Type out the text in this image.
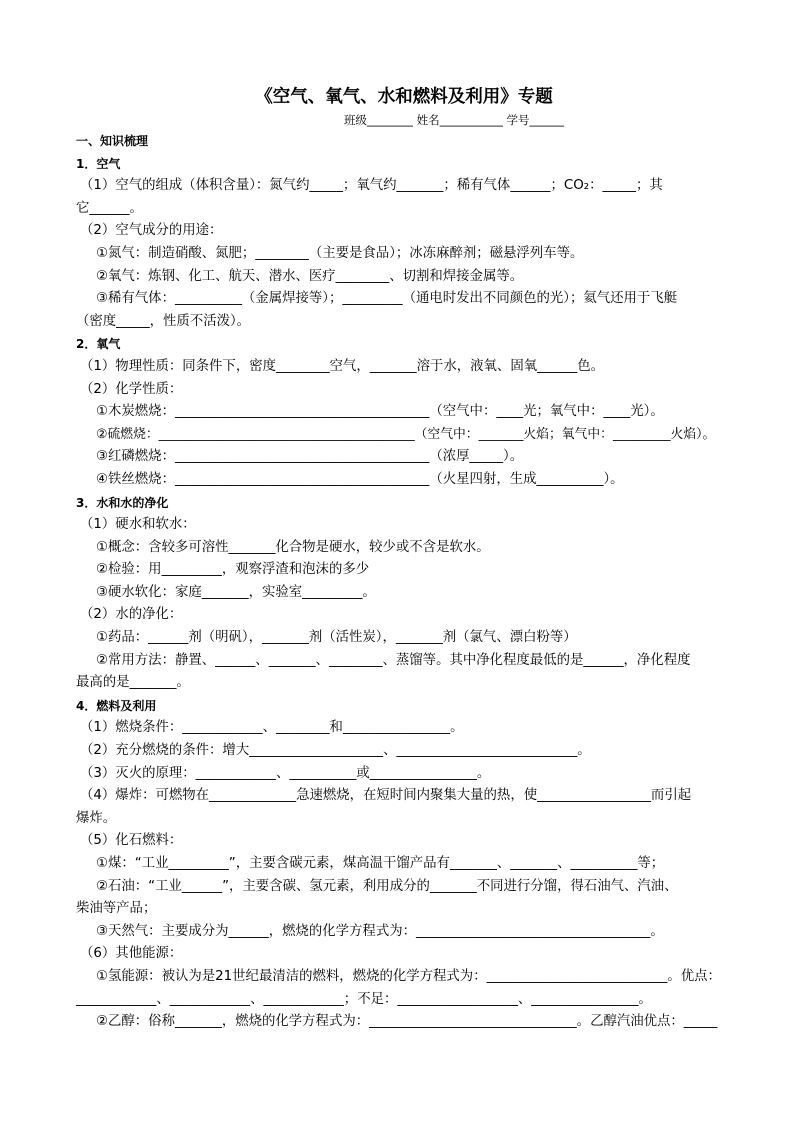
《空气、氧气、水和燃料及利用》专题
班级________ 姓名___________ 学号______
一、知识梳理
1．空气
（1）空气的组成（体积含量）：氮气约_____；氧气约_______；稀有气体______；CO₂：_____；其
它______。
（2）空气成分的用途：
①氮气：制造硝酸、氮肥；________（主要是食品）；冰冻麻醉剂；磁悬浮列车等。
②氧气：炼钢、化工、航天、潜水、医疗________、切割和焊接金属等。
③稀有气体：__________（金属焊接等）；_________（通电时发出不同颜色的光）；氦气还用于飞艇
（密度_____，性质不活泼）。
2．氧气
（1）物理性质：同条件下，密度________空气，_______溶于水，液氧、固氧______色。
（2）化学性质：
①木炭燃烧：______________________________________（空气中：____光；氧气中：____光）。
②硫燃烧：________________________________________（空气中：_______火焰；氧气中：_________火焰）。
③红磷燃烧：______________________________________（浓厚_____）。
④铁丝燃烧：______________________________________（火星四射，生成__________）。
3．水和水的净化
（1）硬水和软水：
①概念：含较多可溶性_______化合物是硬水，较少或不含是软水。
②检验：用_________，观察浮渣和泡沫的多少
③硬水软化：家庭_______，实验室_________。
（2）水的净化：
①药品：______剂（明矾），_______剂（活性炭），_______剂（氯气、漂白粉等）
②常用方法：静置、______、_______、________、蒸馏等。其中净化程度最低的是______，净化程度
最高的是_______。
4．燃料及利用
（1）燃烧条件：____________、________和________________。
（2）充分燃烧的条件：增大____________________、___________________________。
（3）灭火的原理：____________、__________或________________。
（4）爆炸：可燃物在_____________急速燃烧，在短时间内聚集大量的热，使_________________而引起
爆炸。
（5）化石燃料：
①煤：“工业_________”，主要含碳元素，煤高温干馏产品有_______、_______、__________等；
②石油：“工业______”，主要含碳、氢元素，利用成分的_______不同进行分馏，得石油气、汽油、
柴油等产品；
③天然气：主要成分为______，燃烧的化学方程式为：___________________________________。
（6）其他能源：
①氢能源：被认为是21世纪最清洁的燃料，燃烧的化学方程式为：___________________________。优点：
____________、____________、____________；不足：__________________、________________。
②乙醇：俗称_______，燃烧的化学方程式为：_______________________________。乙醇汽油优点：_____
